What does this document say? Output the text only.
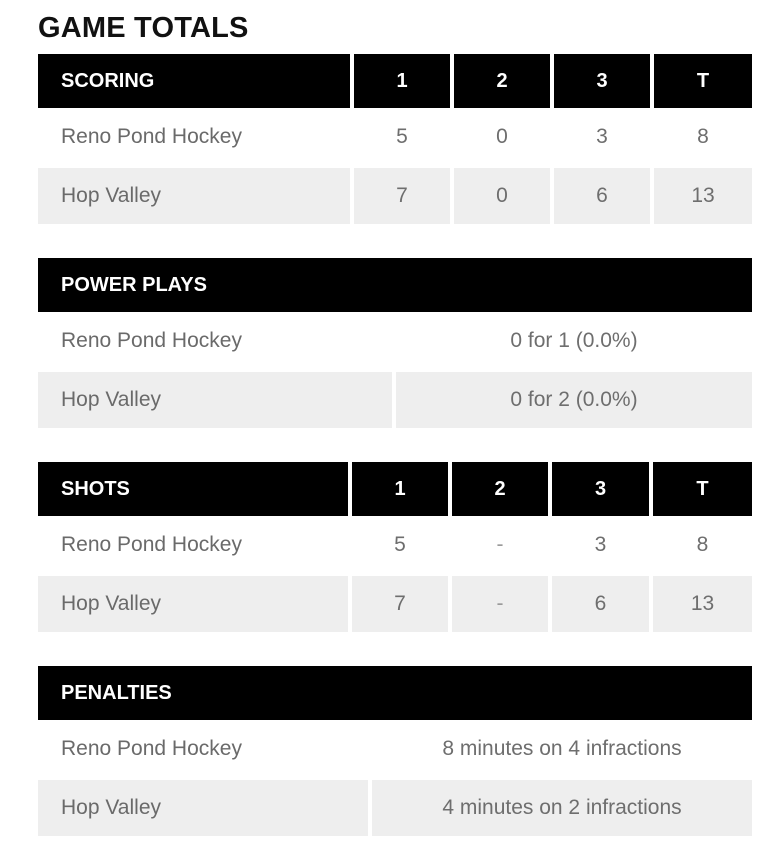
GAME TOTALS
SCORING	1	2	3	T
Reno Pond Hockey	5	0	3	8
Hop Valley	7	0	6	13
POWER PLAYS	
Reno Pond Hockey	0 for 1 (0.0%)
Hop Valley	0 for 2 (0.0%)
SHOTS	1	2	3	T
Reno Pond Hockey	5	-	3	8
Hop Valley	7	-	6	13
PENALTIES	
Reno Pond Hockey	8 minutes on 4 infractions
Hop Valley	4 minutes on 2 infractions
